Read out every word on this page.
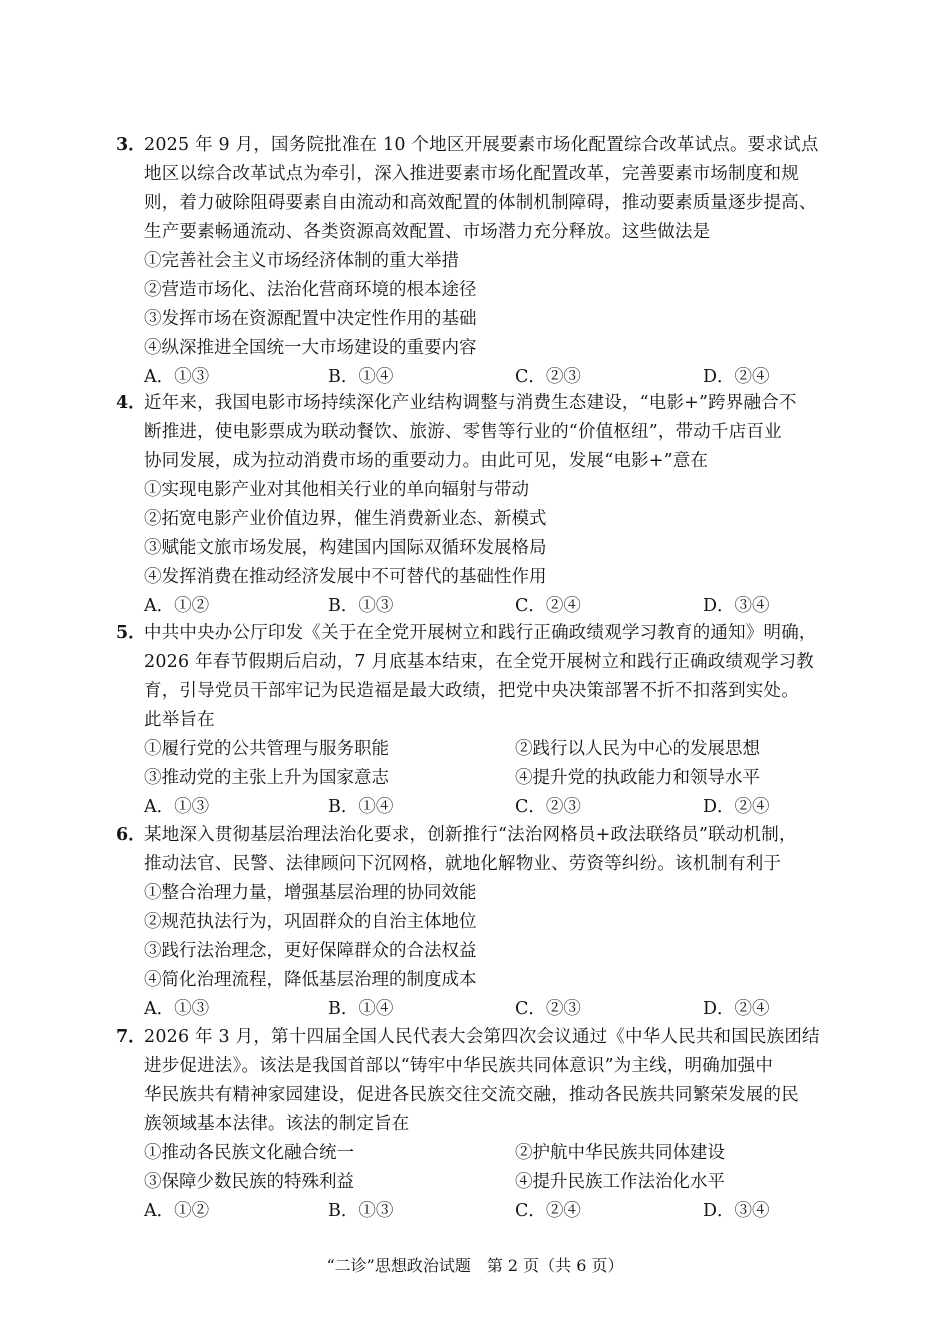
3．
2025 年 9 月，国务院批准在 10 个地区开展要素市场化配置综合改革试点。要求试点
地区以综合改革试点为牵引，深入推进要素市场化配置改革，完善要素市场制度和规
则，着力破除阻碍要素自由流动和高效配置的体制机制障碍，推动要素质量逐步提高、
生产要素畅通流动、各类资源高效配置、市场潜力充分释放。这些做法是
①完善社会主义市场经济体制的重大举措
②营造市场化、法治化营商环境的根本途径
③发挥市场在资源配置中决定性作用的基础
④纵深推进全国统一大市场建设的重要内容
A．①③	B．①④	C．②③	D．②④
4．
近年来，我国电影市场持续深化产业结构调整与消费生态建设，“电影+”跨界融合不
断推进，使电影票成为联动餐饮、旅游、零售等行业的“价值枢纽”，带动千店百业
协同发展，成为拉动消费市场的重要动力。由此可见，发展“电影+”意在
①实现电影产业对其他相关行业的单向辐射与带动
②拓宽电影产业价值边界，催生消费新业态、新模式
③赋能文旅市场发展，构建国内国际双循环发展格局
④发挥消费在推动经济发展中不可替代的基础性作用
A．①②	B．①③	C．②④	D．③④
5．
中共中央办公厅印发《关于在全党开展树立和践行正确政绩观学习教育的通知》明确，
2026 年春节假期后启动，7 月底基本结束，在全党开展树立和践行正确政绩观学习教
育，引导党员干部牢记为民造福是最大政绩，把党中央决策部署不折不扣落到实处。
此举旨在
①履行党的公共管理与服务职能	②践行以人民为中心的发展思想
③推动党的主张上升为国家意志	④提升党的执政能力和领导水平
A．①③	B．①④	C．②③	D．②④
6．
某地深入贯彻基层治理法治化要求，创新推行“法治网格员+政法联络员”联动机制，
推动法官、民警、法律顾问下沉网格，就地化解物业、劳资等纠纷。该机制有利于
①整合治理力量，增强基层治理的协同效能
②规范执法行为，巩固群众的自治主体地位
③践行法治理念，更好保障群众的合法权益
④简化治理流程，降低基层治理的制度成本
A．①③	B．①④	C．②③	D．②④
7．
2026 年 3 月，第十四届全国人民代表大会第四次会议通过《中华人民共和国民族团结
进步促进法》。该法是我国首部以“铸牢中华民族共同体意识”为主线，明确加强中
华民族共有精神家园建设，促进各民族交往交流交融，推动各民族共同繁荣发展的民
族领域基本法律。该法的制定旨在
①推动各民族文化融合统一	②护航中华民族共同体建设
③保障少数民族的特殊利益	④提升民族工作法治化水平
A．①②	B．①③	C．②④	D．③④
“二诊”思想政治试题　第 2 页（共 6 页）
